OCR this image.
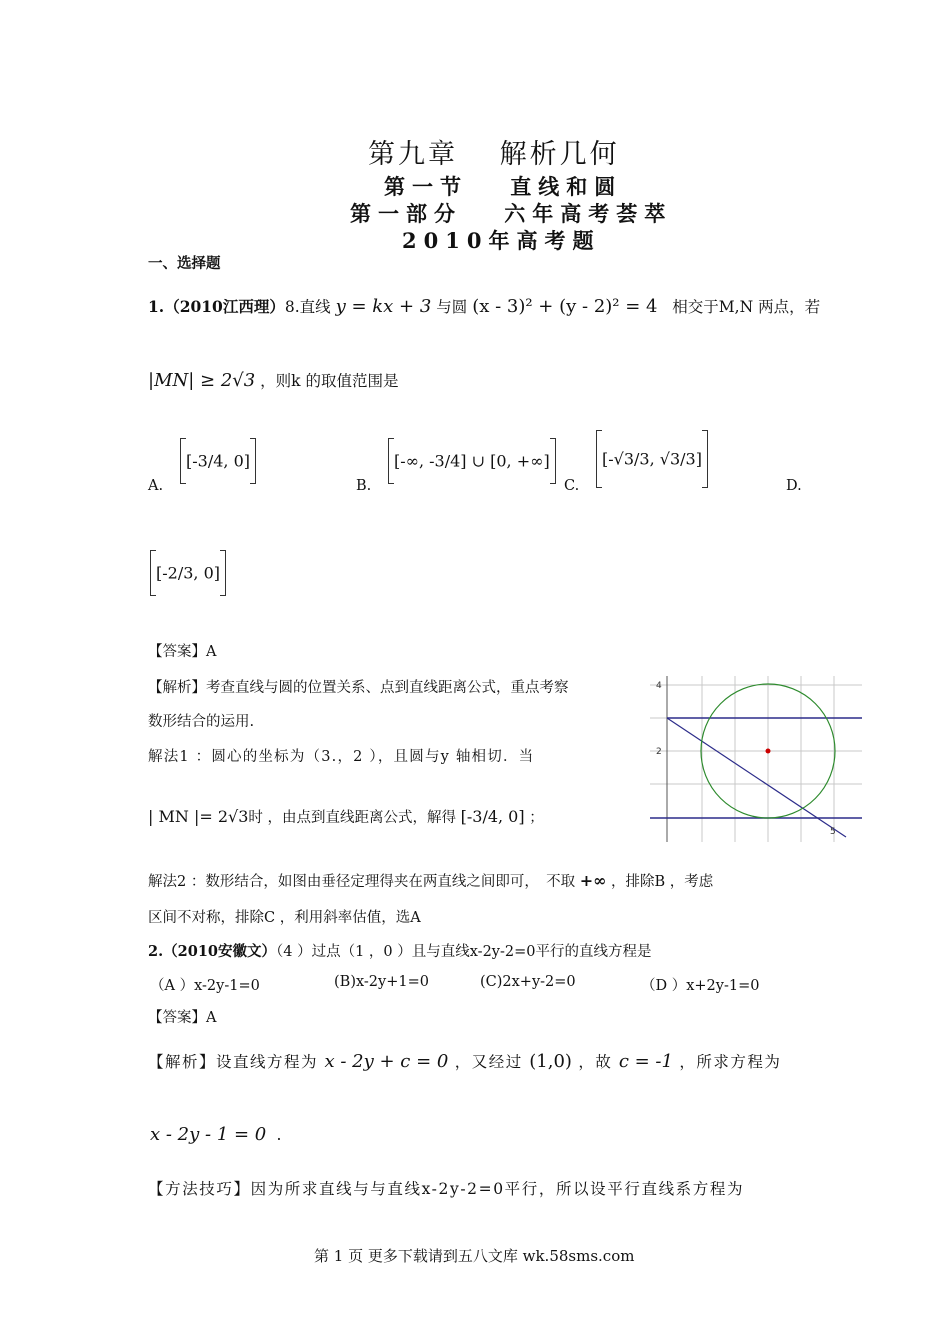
第九章　 解析几何
第一节　 直线和圆
第一部分　 六年高考荟萃
2010年高考题
一、选择题
1.（2010江西理）8.直线 y = kx + 3 与圆 (x - 3)² + (y - 2)² = 4 相交于M,N 两点，若
|MN| ≥ 2√3 ，则k 的取值范围是
A.
[-3/4, 0]
B.
[-∞, -3/4] ∪ [0, +∞]
C.
[-√3/3, √3/3]
D.
[-2/3, 0]
【答案】A
【解析】考查直线与圆的位置关系、点到直线距离公式，重点考察
数形结合的运用.
解法1 ：圆心的坐标为（3.，2 ），且圆与y 轴相切．当
| MN |= 2√3时 ，由点到直线距离公式，解得 [-3/4, 0] ；
解法2 ：数形结合，如图由垂径定理得夹在两直线之间即可，　不取 +∞ ，排除B ，考虑
区间不对称，排除C ，利用斜率估值，选A
4
2
5
2.（2010安徽文）（4 ）过点（1 ，0 ）且与直线x-2y-2=0平行的直线方程是
（A ）x-2y-1=0	(B)x-2y+1=0	(C)2x+y-2=0	（D ）x+2y-1=0
【答案】A
【解析】设直线方程为 x - 2y + c = 0 ，又经过 (1,0) ，故 c = -1 ，所求方程为
x - 2y - 1 = 0 .
【方法技巧】因为所求直线与与直线x-2y-2=0平行，所以设平行直线系方程为
第 1 页 更多下载请到五八文库 wk.58sms.com
